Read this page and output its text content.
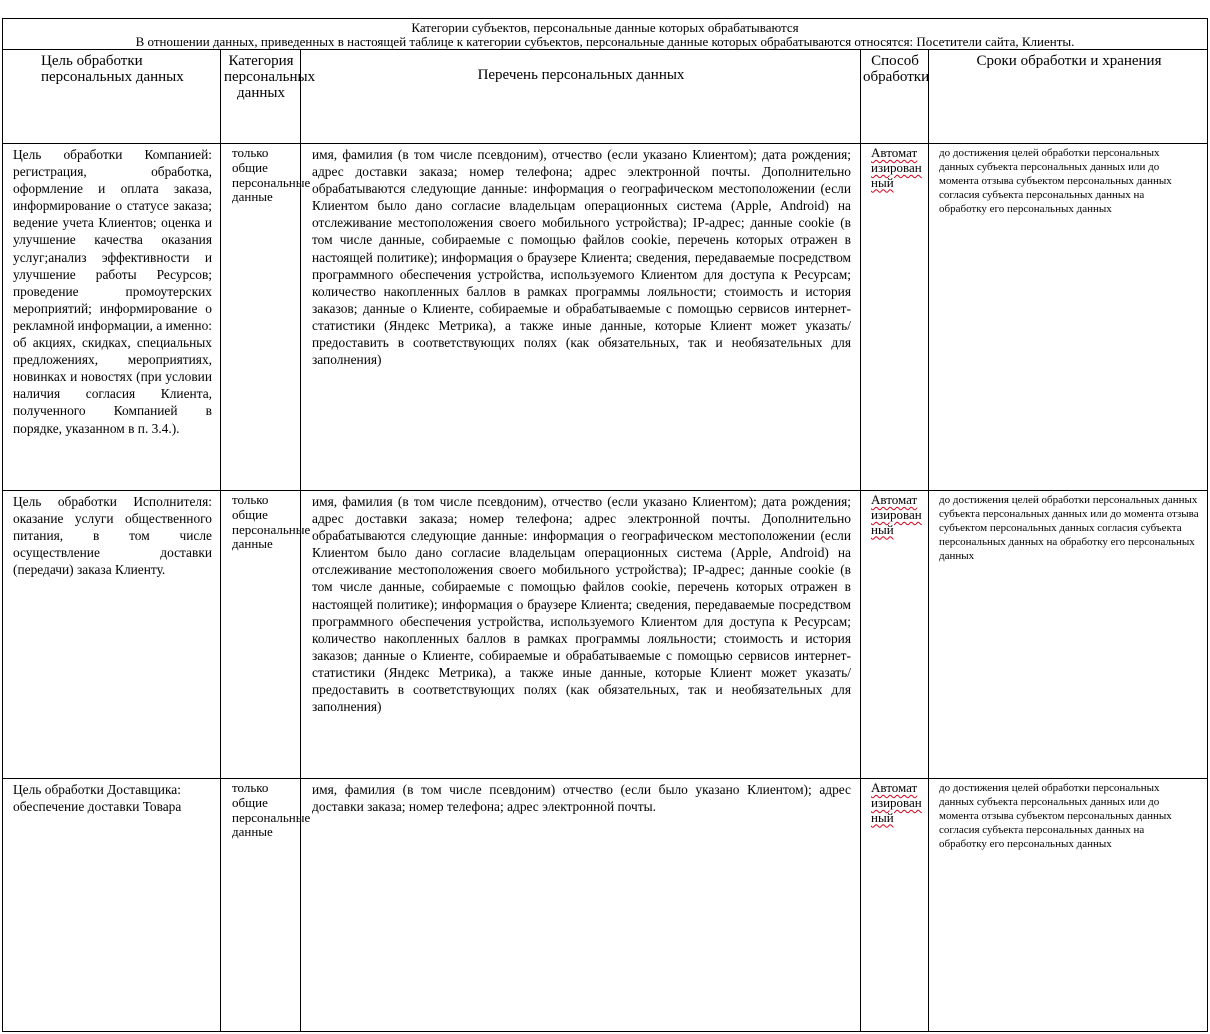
Категории субъектов, персональные данные которых обрабатываются
В отношении данных, приведенных в настоящей таблице к категории субъектов, персональные данные которых обрабатываются относятся: Посетители сайта, Клиенты.
Цель обработки персональных данных
Категория персональных данных
Перечень персональных данных
Способ обработки
Сроки обработки и хранения
Цель обработки Компанией: регистрация, обработка, оформление и оплата заказа, информирование о статусе заказа; ведение учета Клиентов; оценка и улучшение качества оказания услуг;анализ эффективности и улучшение работы Ресурсов; проведение промоутерских мероприятий; информирование о рекламной информации, а именно: об акциях, скидках, специальных предложениях, мероприятиях, новинках и новостях (при условии наличия согласия Клиента, полученного Компанией в порядке, указанном в п. 3.4.).
только общие персональные данные
имя, фамилия (в том числе псевдоним), отчество (если указано Клиентом); дата рождения; адрес доставки заказа; номер телефона; адрес электронной почты. Дополнительно обрабатываются следующие данные: информация о географическом местоположении (если Клиентом было дано согласие владельцам операционных система (Apple, Android) на отслеживание местоположения своего мобильного устройства); IP-адрес; данные cookie (в том числе данные, собираемые с помощью файлов cookie, перечень которых отражен в настоящей политике); информация о браузере Клиента; сведения, передаваемые посредством программного обеспечения устройства, используемого Клиентом для доступа к Ресурсам; количество накопленных баллов в рамках программы лояльности; стоимость и история заказов; данные о Клиенте, собираемые и обрабатываемые с помощью сервисов интернет-статистики (Яндекс Метрика), а также иные данные, которые Клиент может указать/предоставить в соответствующих полях (как обязательных, так и необязательных для заполнения)
Автоматизированный
до достижения целей обработки персональных данных субъекта персональных данных или до момента отзыва субъектом персональных данных согласия субъекта персональных данных на обработку его персональных данных
Цель обработки Исполнителя: оказание услуги общественного питания, в том числе осуществление доставки (передачи) заказа Клиенту.
только общие персональные данные
имя, фамилия (в том числе псевдоним), отчество (если указано Клиентом); дата рождения; адрес доставки заказа; номер телефона; адрес электронной почты. Дополнительно обрабатываются следующие данные: информация о географическом местоположении (если Клиентом было дано согласие владельцам операционных система (Apple, Android) на отслеживание местоположения своего мобильного устройства); IP-адрес; данные cookie (в том числе данные, собираемые с помощью файлов cookie, перечень которых отражен в настоящей политике); информация о браузере Клиента; сведения, передаваемые посредством программного обеспечения устройства, используемого Клиентом для доступа к Ресурсам; количество накопленных баллов в рамках программы лояльности; стоимость и история заказов; данные о Клиенте, собираемые и обрабатываемые с помощью сервисов интернет-статистики (Яндекс Метрика), а также иные данные, которые Клиент может указать/предоставить в соответствующих полях (как обязательных, так и необязательных для заполнения)
Автоматизированный
до достижения целей обработки персональных данных субъекта персональных данных или до момента отзыва субъектом персональных данных согласия субъекта персональных данных на обработку его персональных данных
Цель обработки Доставщика: обеспечение доставки Товара
только общие персональные данные
имя, фамилия (в том числе псевдоним) отчество (если было указано Клиентом); адрес доставки заказа; номер телефона; адрес электронной почты.
Автоматизированный
до достижения целей обработки персональных данных субъекта персональных данных или до момента отзыва субъектом персональных данных согласия субъекта персональных данных на обработку его персональных данных
